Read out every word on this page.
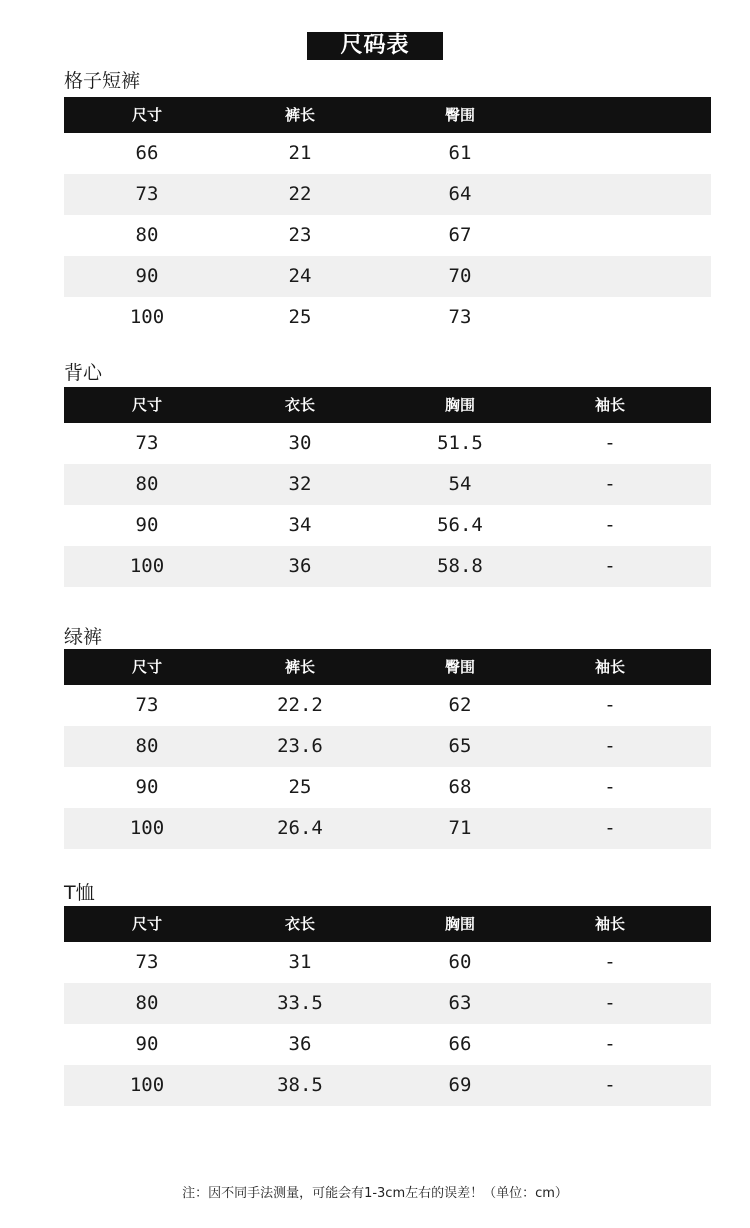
尺码表
格子短裤
尺寸	裤长	臀围
66	21	61
73	22	64
80	23	67
90	24	70
100	25	73
背心
尺寸	衣长	胸围	袖长
73	30	51.5	-
80	32	54	-
90	34	56.4	-
100	36	58.8	-
绿裤
尺寸	裤长	臀围	袖长
73	22.2	62	-
80	23.6	65	-
90	25	68	-
100	26.4	71	-
T恤
尺寸	衣长	胸围	袖长
73	31	60	-
80	33.5	63	-
90	36	66	-
100	38.5	69	-
注：因不同手法测量，可能会有1-3cm左右的误差！（单位：cm）
